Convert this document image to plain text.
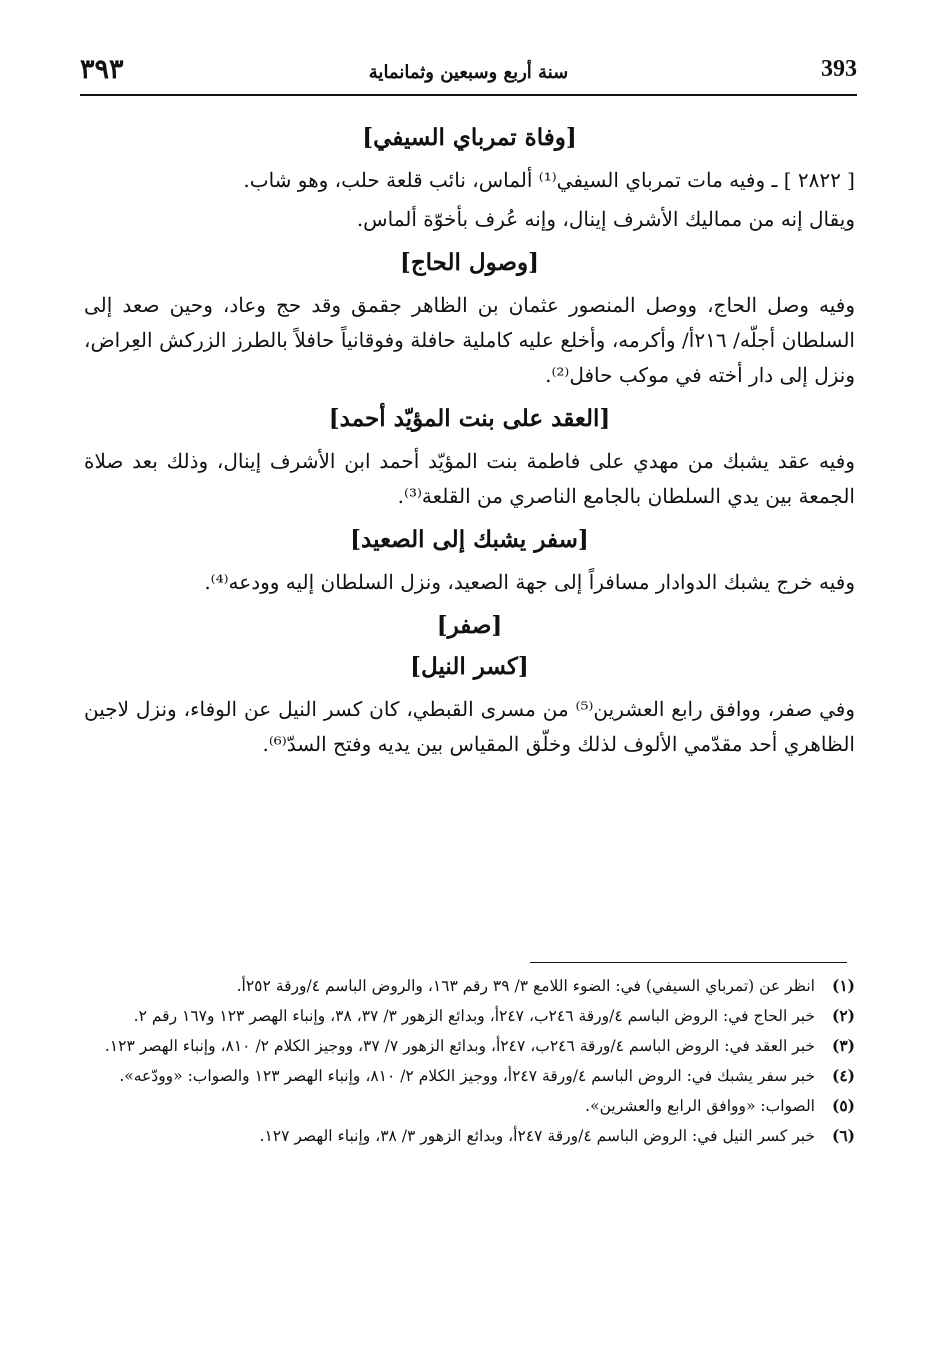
٣٩٣	سنة أربع وسبعين وثمانماية	393
[وفاة تمرباي السيفي]

[ ٢٨٢٢ ] ـ وفيه مات تمرباي السيفي⁽¹⁾ ألماس، نائب قلعة حلب، وهو شاب.

ويقال إنه من مماليك الأشرف إينال، وإنه عُرف بأخوّة ألماس.

[وصول الحاج]

وفيه وصل الحاج، ووصل المنصور عثمان بن الظاهر جقمق وقد حج وعاد، وحين صعد إلى السلطان أجلّه/ ٢١٦أ/ وأكرمه، وأخلع عليه كاملية حافلة وفوقانياً حافلاً بالطرز الزركش العِراض، ونزل إلى دار أخته في موكب حافل⁽²⁾.

[العقد على بنت المؤيّد أحمد]

وفيه عقد يشبك من مهدي على فاطمة بنت المؤيّد أحمد ابن الأشرف إينال، وذلك بعد صلاة الجمعة بين يدي السلطان بالجامع الناصري من القلعة⁽³⁾.

[سفر يشبك إلى الصعيد]

وفيه خرج يشبك الدوادار مسافراً إلى جهة الصعيد، ونزل السلطان إليه وودعه⁽⁴⁾.

[صفر]
[كسر النيل]

وفي صفر، ووافق رابع العشرين⁽⁵⁾ من مسرى القبطي، كان كسر النيل عن الوفاء، ونزل لاجين الظاهري أحد مقدّمي الألوف لذلك وخلّق المقياس بين يديه وفتح السدّ⁽⁶⁾.

(١)
انظر عن (تمرباي السيفي) في: الضوء اللامع ٣/ ٣٩ رقم ١٦٣، والروض الباسم ٤/ورقة ٢٥٢أ.
(٢)
خبر الحاج في: الروض الباسم ٤/ورقة ٢٤٦ب، ٢٤٧أ، وبدائع الزهور ٣/ ٣٧، ٣٨، وإنباء الهصر ١٢٣ و١٦٧ رقم ٢.
(٣)
خبر العقد في: الروض الباسم ٤/ورقة ٢٤٦ب، ٢٤٧أ، وبدائع الزهور ٧/ ٣٧، ووجيز الكلام ٢/ ٨١٠، وإنباء الهصر ١٢٣.
(٤)
خبر سفر يشبك في: الروض الباسم ٤/ورقة ٢٤٧أ، ووجيز الكلام ٢/ ٨١٠، وإنباء الهصر ١٢٣ والصواب: «وودّعه».
(٥)
الصواب: «ووافق الرابع والعشرين».
(٦)
خبر كسر النيل في: الروض الباسم ٤/ورقة ٢٤٧أ، وبدائع الزهور ٣/ ٣٨، وإنباء الهصر ١٢٧.
